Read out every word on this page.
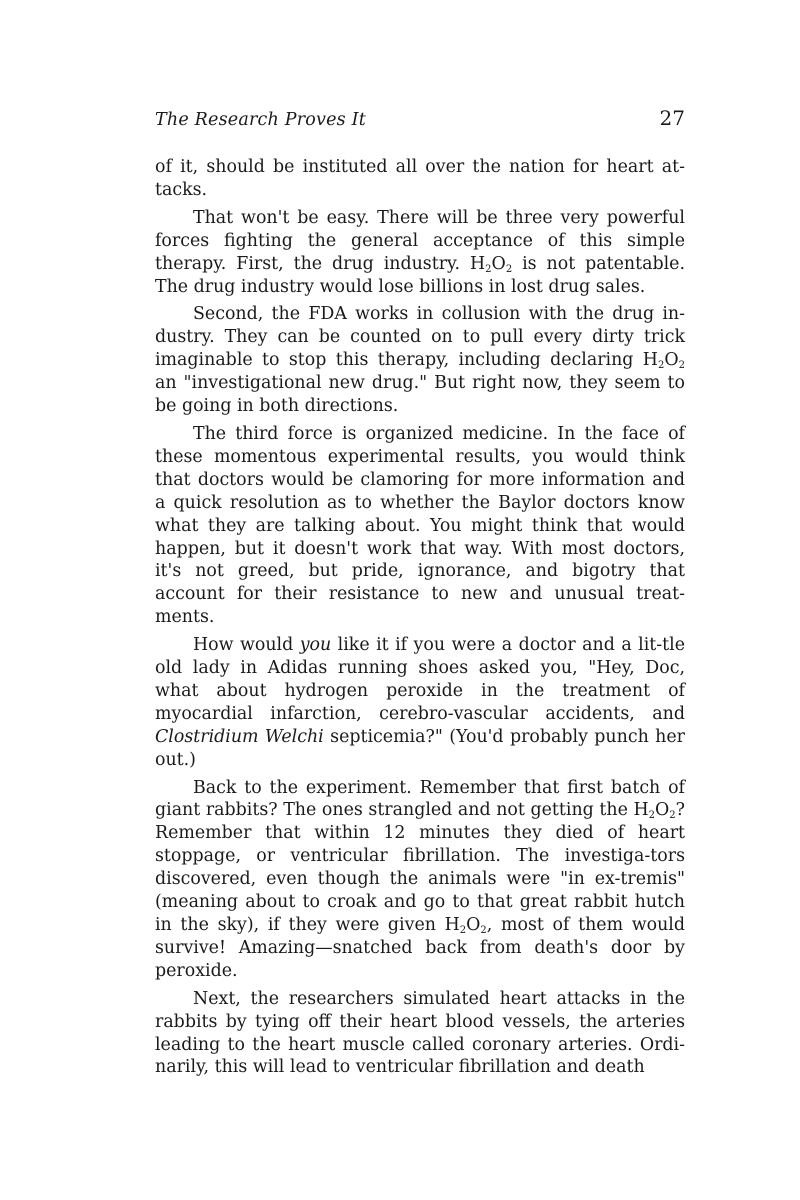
The Research Proves It	27

of it, should be instituted all over the nation for heart at-tacks.

That won't be easy. There will be three very powerful forces fighting the general acceptance of this simple therapy. First, the drug industry. $H_2O_2$ is not patentable. The drug industry would lose billions in lost drug sales.

Second, the FDA works in collusion with the drug in-dustry. They can be counted on to pull every dirty trick imaginable to stop this therapy, including declaring $H_2O_2$ an "investigational new drug." But right now, they seem to be going in both directions.

The third force is organized medicine. In the face of these momentous experimental results, you would think that doctors would be clamoring for more information and a quick resolution as to whether the Baylor doctors know what they are talking about. You might think that would happen, but it doesn't work that way. With most doctors, it's not greed, but pride, ignorance, and bigotry that account for their resistance to new and unusual treat-ments.

How would you like it if you were a doctor and a lit-tle old lady in Adidas running shoes asked you, "Hey, Doc, what about hydrogen peroxide in the treatment of myocardial infarction, cerebro-vascular accidents, and Clostridium Welchi septicemia?" (You'd probably punch her out.)

Back to the experiment. Remember that first batch of giant rabbits? The ones strangled and not getting the $H_2O_2$? Remember that within 12 minutes they died of heart stoppage, or ventricular fibrillation. The investiga-tors discovered, even though the animals were "in ex-tremis" (meaning about to croak and go to that great rabbit hutch in the sky), if they were given $H_2O_2$, most of them would survive! Amazing—snatched back from death's door by peroxide.

Next, the researchers simulated heart attacks in the rabbits by tying off their heart blood vessels, the arteries leading to the heart muscle called coronary arteries. Ordi-narily, this will lead to ventricular fibrillation and death
